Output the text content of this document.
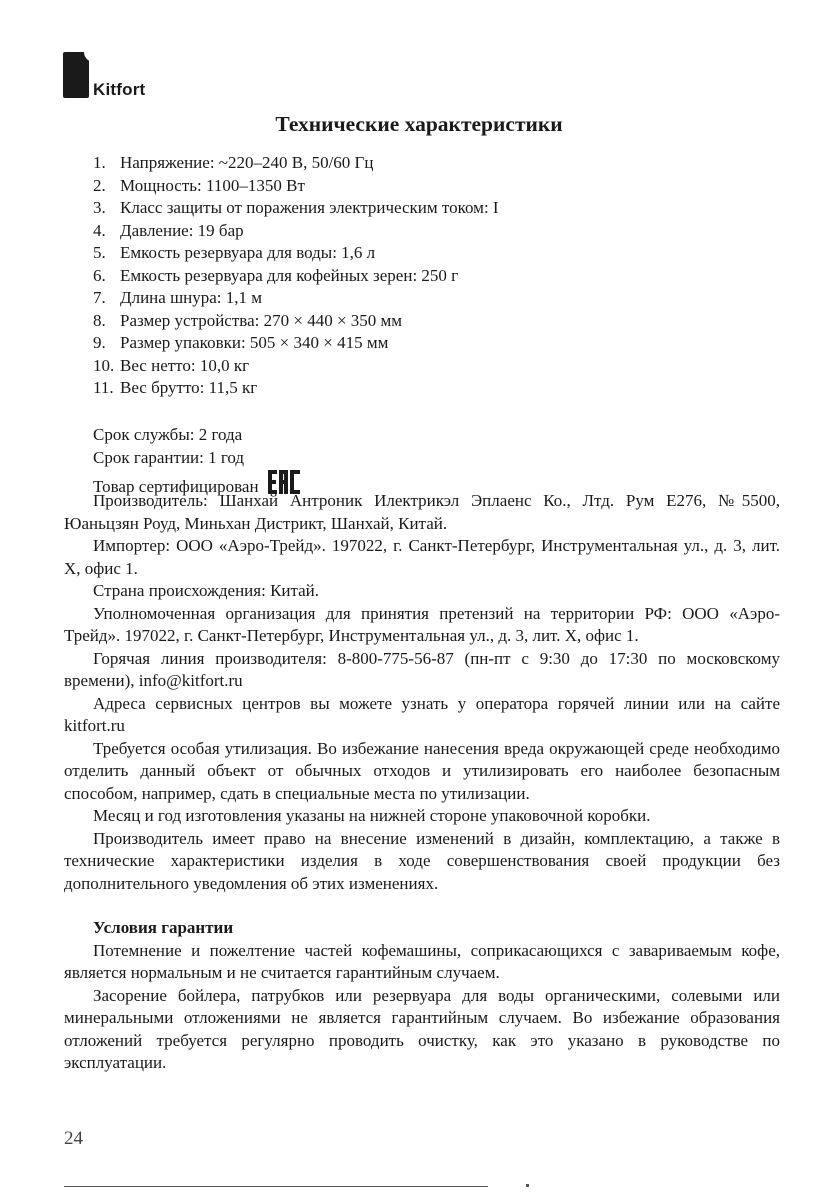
Kitfort
Технические характеристики
1. Напряжение: ~220–240 В, 50/60 Гц
2. Мощность: 1100–1350 Вт
3. Класс защиты от поражения электрическим током: I
4. Давление: 19 бар
5. Емкость резервуара для воды: 1,6 л
6. Емкость резервуара для кофейных зерен: 250 г
7. Длина шнура: 1,1 м
8. Размер устройства: 270 × 440 × 350 мм
9. Размер упаковки: 505 × 340 × 415 мм
10. Вес нетто: 10,0 кг
11. Вес брутто: 11,5 кг
Срок службы: 2 года
Срок гарантии: 1 год
Товар сертифицирован

Производитель: Шанхай Антроник Илектрикэл Эплаенс Ко., Лтд. Рум E276, №5500, Юаньцзян Роуд, Миньхан Дистрикт, Шанхай, Китай.

Импортер: ООО «Аэро-Трейд». 197022, г. Санкт-Петербург, Инструментальная ул., д. 3, лит. Х, офис 1.

Страна происхождения: Китай.

Уполномоченная организация для принятия претензий на территории РФ: ООО «Аэро-Трейд». 197022, г. Санкт-Петербург, Инструментальная ул., д. 3, лит. Х, офис 1.

Горячая линия производителя: 8-800-775-56-87 (пн-пт с 9:30 до 17:30 по московскому времени), info@kitfort.ru

Адреса сервисных центров вы можете узнать у оператора горячей линии или на сайте kitfort.ru

Требуется особая утилизация. Во избежание нанесения вреда окружающей среде необходимо отделить данный объект от обычных отходов и утилизировать его наиболее безопасным способом, например, сдать в специальные места по утилизации.

Месяц и год изготовления указаны на нижней стороне упаковочной коробки.

Производитель имеет право на внесение изменений в дизайн, комплектацию, а также в технические характеристики изделия в ходе совершенствования своей продукции без дополнительного уведомления об этих изменениях.

Условия гарантии

Потемнение и пожелтение частей кофемашины, соприкасающихся с завариваемым кофе, является нормальным и не считается гарантийным случаем.

Засорение бойлера, патрубков или резервуара для воды органическими, солевыми или минеральными отложениями не является гарантийным случаем. Во избежание образования отложений требуется регулярно проводить очистку, как это указано в руководстве по эксплуатации.

24
